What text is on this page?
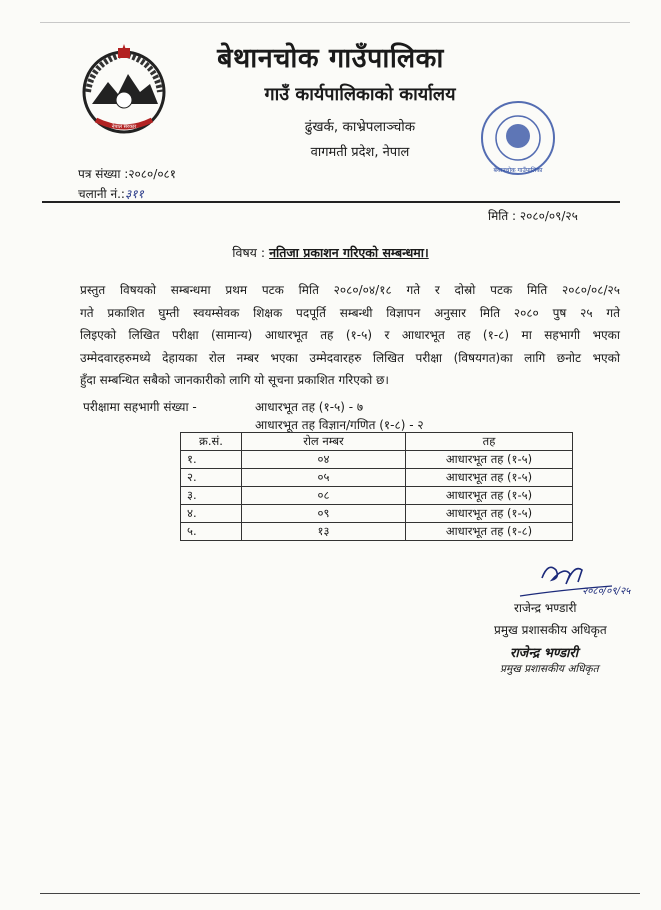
नेपाल सरकार
बेथानचोक गाउँपालिका
गाउँ कार्यपालिकाको कार्यालय
ढुंखर्क, काभ्रेपलाञ्चोक
वागमती प्रदेश, नेपाल
बेथानचोक गाउँपालिका
पत्र संख्या :२०८०/०८१
चलानी नं.:३११
मिति : २०८०/०९/२५
विषय : नतिजा प्रकाशन गरिएको सम्बन्धमा।
प्रस्तुत विषयको सम्बन्धमा प्रथम पटक मिति २०८०/०४/१८ गते र दोस्रो पटक मिति २०८०/०८/२५
गते प्रकाशित घुम्ती स्वयम्सेवक शिक्षक पदपूर्ति सम्बन्धी विज्ञापन अनुसार मिति २०८० पुष २५ गते
लिइएको लिखित परीक्षा (सामान्य) आधारभूत तह (१-५) र आधारभूत तह (१-८) मा सहभागी भएका
उम्मेदवारहरुमध्ये देहायका रोल नम्बर भएका उम्मेदवारहरु लिखित परीक्षा (विषयगत)का लागि छनोट भएको
हुँदा सम्बन्धित सबैको जानकारीको लागि यो सूचना प्रकाशित गरिएको छ।
परीक्षामा सहभागी संख्या -	आधारभूत तह (१-५) - ७
आधारभूत तह विज्ञान/गणित (१-८) - २
क्र.सं.	रोल नम्बर	तह
१.	०४	आधारभूत तह (१-५)
२.	०५	आधारभूत तह (१-५)
३.	०८	आधारभूत तह (१-५)
४.	०९	आधारभूत तह (१-५)
५.	१३	आधारभूत तह (१-८)
२०८०/०९/२५
राजेन्द्र भण्डारी
प्रमुख प्रशासकीय अधिकृत
राजेन्द्र भण्डारी
प्रमुख प्रशासकीय अधिकृत
